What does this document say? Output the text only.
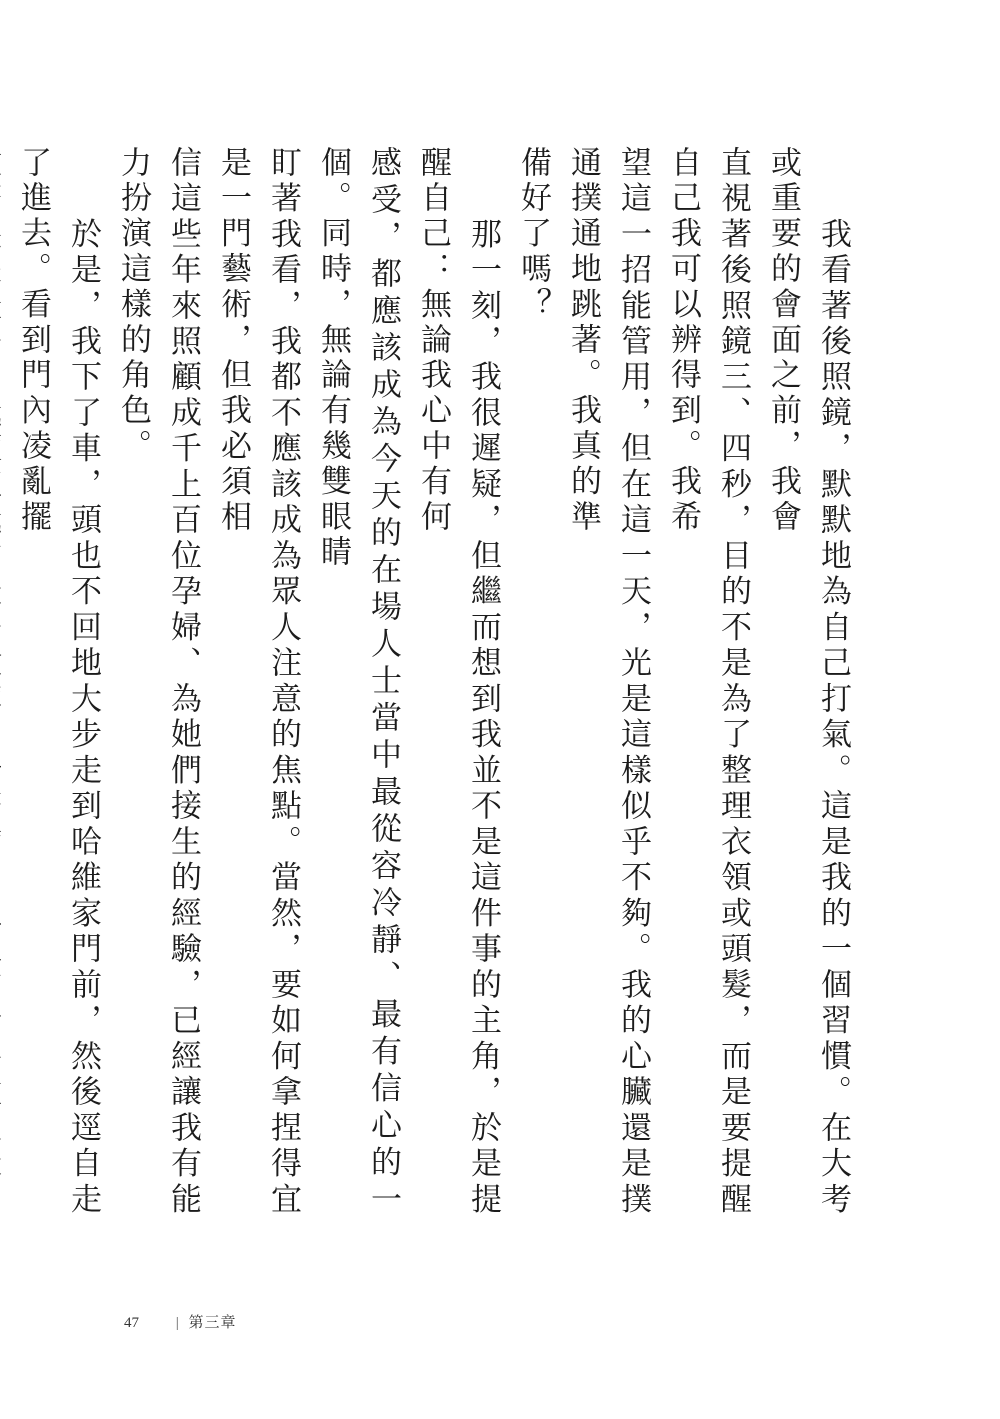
　　我看著後照鏡，默默地為自己打氣。這是我的一個習慣。在大考或重要的會面之前，我會
直視著後照鏡三、四秒，目的不是為了整理衣領或頭髮，而是要提醒自己我可以辨得到。我希
望這一招能管用，但在這一天，光是這樣似乎不夠。我的心臟還是撲通撲通地跳著。我真的準
備好了嗎？
　　那一刻，我很遲疑，但繼而想到我並不是這件事的主角，於是提醒自己：無論我心中有何
感受，都應該成為今天的在場人士當中最從容冷靜、最有信心的一個。同時，無論有幾雙眼睛
盯著我看，我都不應該成為眾人注意的焦點。當然，要如何拿捏得宜是一門藝術，但我必須相
信這些年來照顧成千上百位孕婦、為她們接生的經驗，已經讓我有能力扮演這樣的角色。
　　於是，我下了車，頭也不回地大步走到哈維家門前，然後逕自走了進去。看到門內凌亂擺
47 | 第三章
